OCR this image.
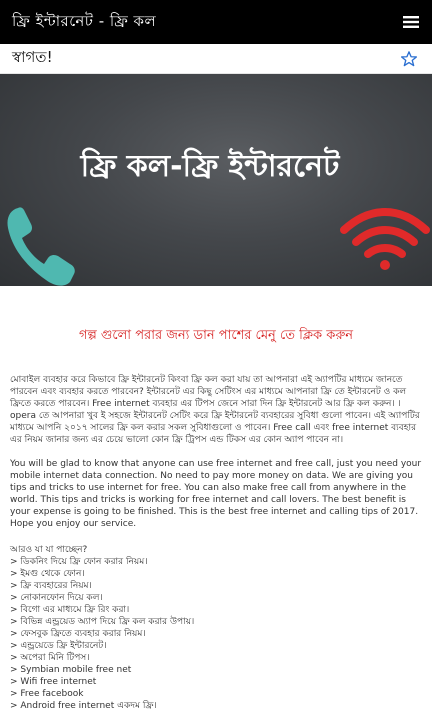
ফ্রি ইন্টারনেট - ফ্রি কল
স্বাগত!
ফ্রি কল-ফ্রি ইন্টারনেট
গল্প গুলো পরার জন্য ডান পাশের মেনু তে ক্লিক করুন

মোবাইল ব্যবহার করে কিভাবে ফ্রি ইন্টারনেট কিংবা ফ্রি কল করা যায় তা আপনারা এই অ্যাপটির মাধ্যমে জানতে পারবেন এবং ব্যবহার করতে পারবেন? ইন্টারনেট এর কিছু সেটিংস এর মাধ্যমে আপনারা ফ্রি তে ইন্টারনেট ও কল ফ্রিতে করতে পারবেন। Free internet ব্যবহার এর টিপস জেনে সারা দিন ফ্রি ইন্টারনেট আর ফ্রি কল করুন। । opera তে আপনারা খুব ই সহজে ইন্টারনেট সেটিং করে ফ্রি ইন্টারনেট ব্যবহারের সুবিধা গুলো পাবেন। এই অ্যাপটির মাধ্যমে আপনি ২০১৭ সালের ফ্রি কল করার সকল সুবিধাগুলো ও পাবেন। Free call এবং free internet ব্যবহার এর নিয়ম জানার জন্য এর চেয়ে ভালো কোন ফ্রি ট্রিপস এন্ড টিকস এর কোন অ্যাপ পাবেন না।

You will be glad to know that anyone can use free internet and free call, just you need your mobile internet data connection. No need to pay more money on data. We are giving you tips and tricks to use internet for free. You can also make free call from anywhere in the world. This tips and tricks is working for free internet and call lovers. The best benefit is your expense is going to be finished. This is the best free internet and calling tips of 2017. Hope you enjoy our service.

আরও যা যা পাচ্ছেন?

> ডিকনিং দিয়ে ফ্রি ফোন করার নিয়ম।
> ইমগু থেকে ফোন।
> ফ্রি ব্যবহারের নিয়ম।
> নোকানফোন দিয়ে কল।
> বিগো এর মাধ্যমে ফ্রি রিং করা।
> বিভিন্ন এন্ড্রয়েড অ্যাপ দিয়ে ফ্রি কল করার উপায়।
> ফেসবুক ফ্রিতে ব্যবহার করার নিয়ম।
> এন্ড্রয়েডে ফ্রি ইন্টারনেট।
> অপেরা মিনি টিপস।
> Symbian mobile free net
> Wifi free internet
> Free facebook
> Android free internet একদম ফ্রি।
